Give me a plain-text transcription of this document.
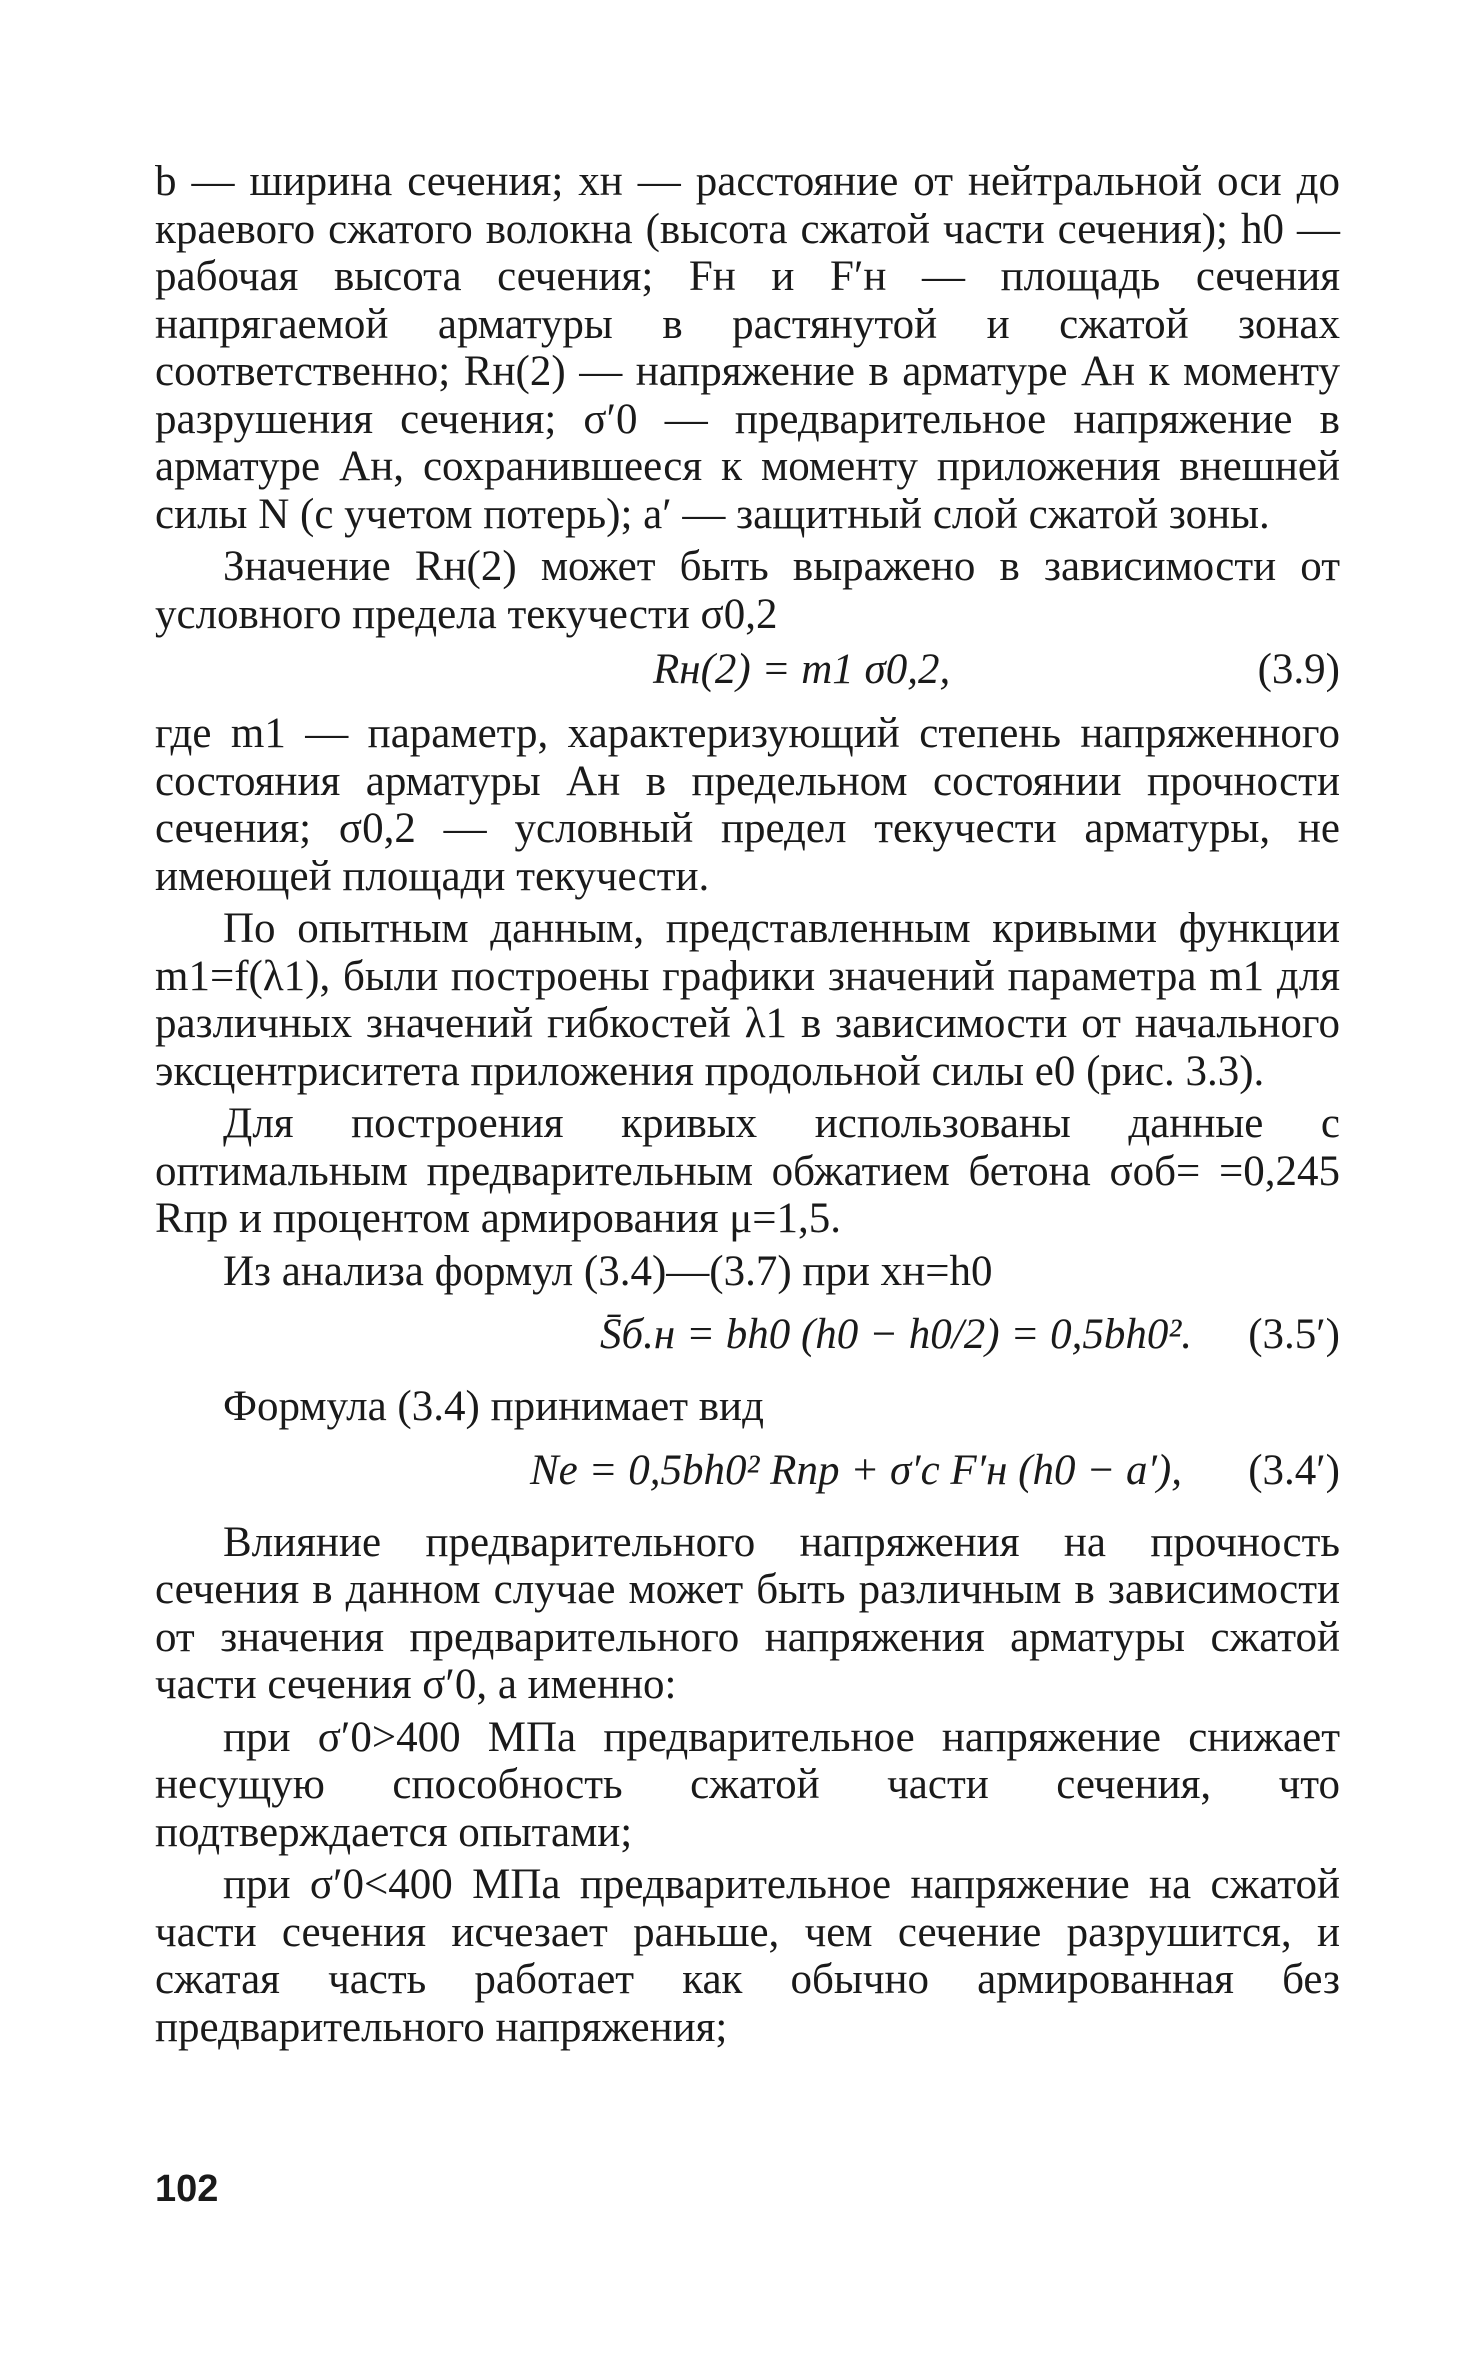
b — ширина сечения; xн — расстояние от нейтральной оси до краевого сжатого волокна (высота сжатой части сечения); h0 — рабочая высота сечения; Fн и F′н — площадь сечения напрягаемой арматуры в растянутой и сжатой зонах соответственно; Rн(2) — напряжение в арматуре Aн к моменту разрушения сечения; σ′0 — предварительное напряжение в арматуре Aн, сохранившееся к моменту приложения внешней силы N (с учетом потерь); a′ — защитный слой сжатой зоны.

Значение Rн(2) может быть выражено в зависимости от условного предела текучести σ0,2

Rн(2) = m1 σ0,2,	(3.9)

где m1 — параметр, характеризующий степень напряженного состояния арматуры Aн в предельном состоянии прочности сечения; σ0,2 — условный предел текучести арматуры, не имеющей площади текучести.

По опытным данным, представленным кривыми функции m1=f(λ1), были построены графики значений параметра m1 для различных значений гибкостей λ1 в зависимости от начального эксцентриситета приложения продольной силы e0 (рис. 3.3).

Для построения кривых использованы данные с оптимальным предварительным обжатием бетона σоб= =0,245 Rпр и процентом армирования μ=1,5.

Из анализа формул (3.4)—(3.7) при xн=h0

S̄б.н = bh0 (h0 − h0/2) = 0,5bh0². (3.5′)

Формула (3.4) принимает вид

Ne = 0,5bh0² Rпр + σ′c F′н (h0 − a′), (3.4′)

Влияние предварительного напряжения на прочность сечения в данном случае может быть различным в зависимости от значения предварительного напряжения арматуры сжатой части сечения σ′0, а именно:

при σ′0>400 МПа предварительное напряжение снижает несущую способность сжатой части сечения, что подтверждается опытами;

при σ′0<400 МПа предварительное напряжение на сжатой части сечения исчезает раньше, чем сечение разрушится, и сжатая часть работает как обычно армированная без предварительного напряжения;

102
